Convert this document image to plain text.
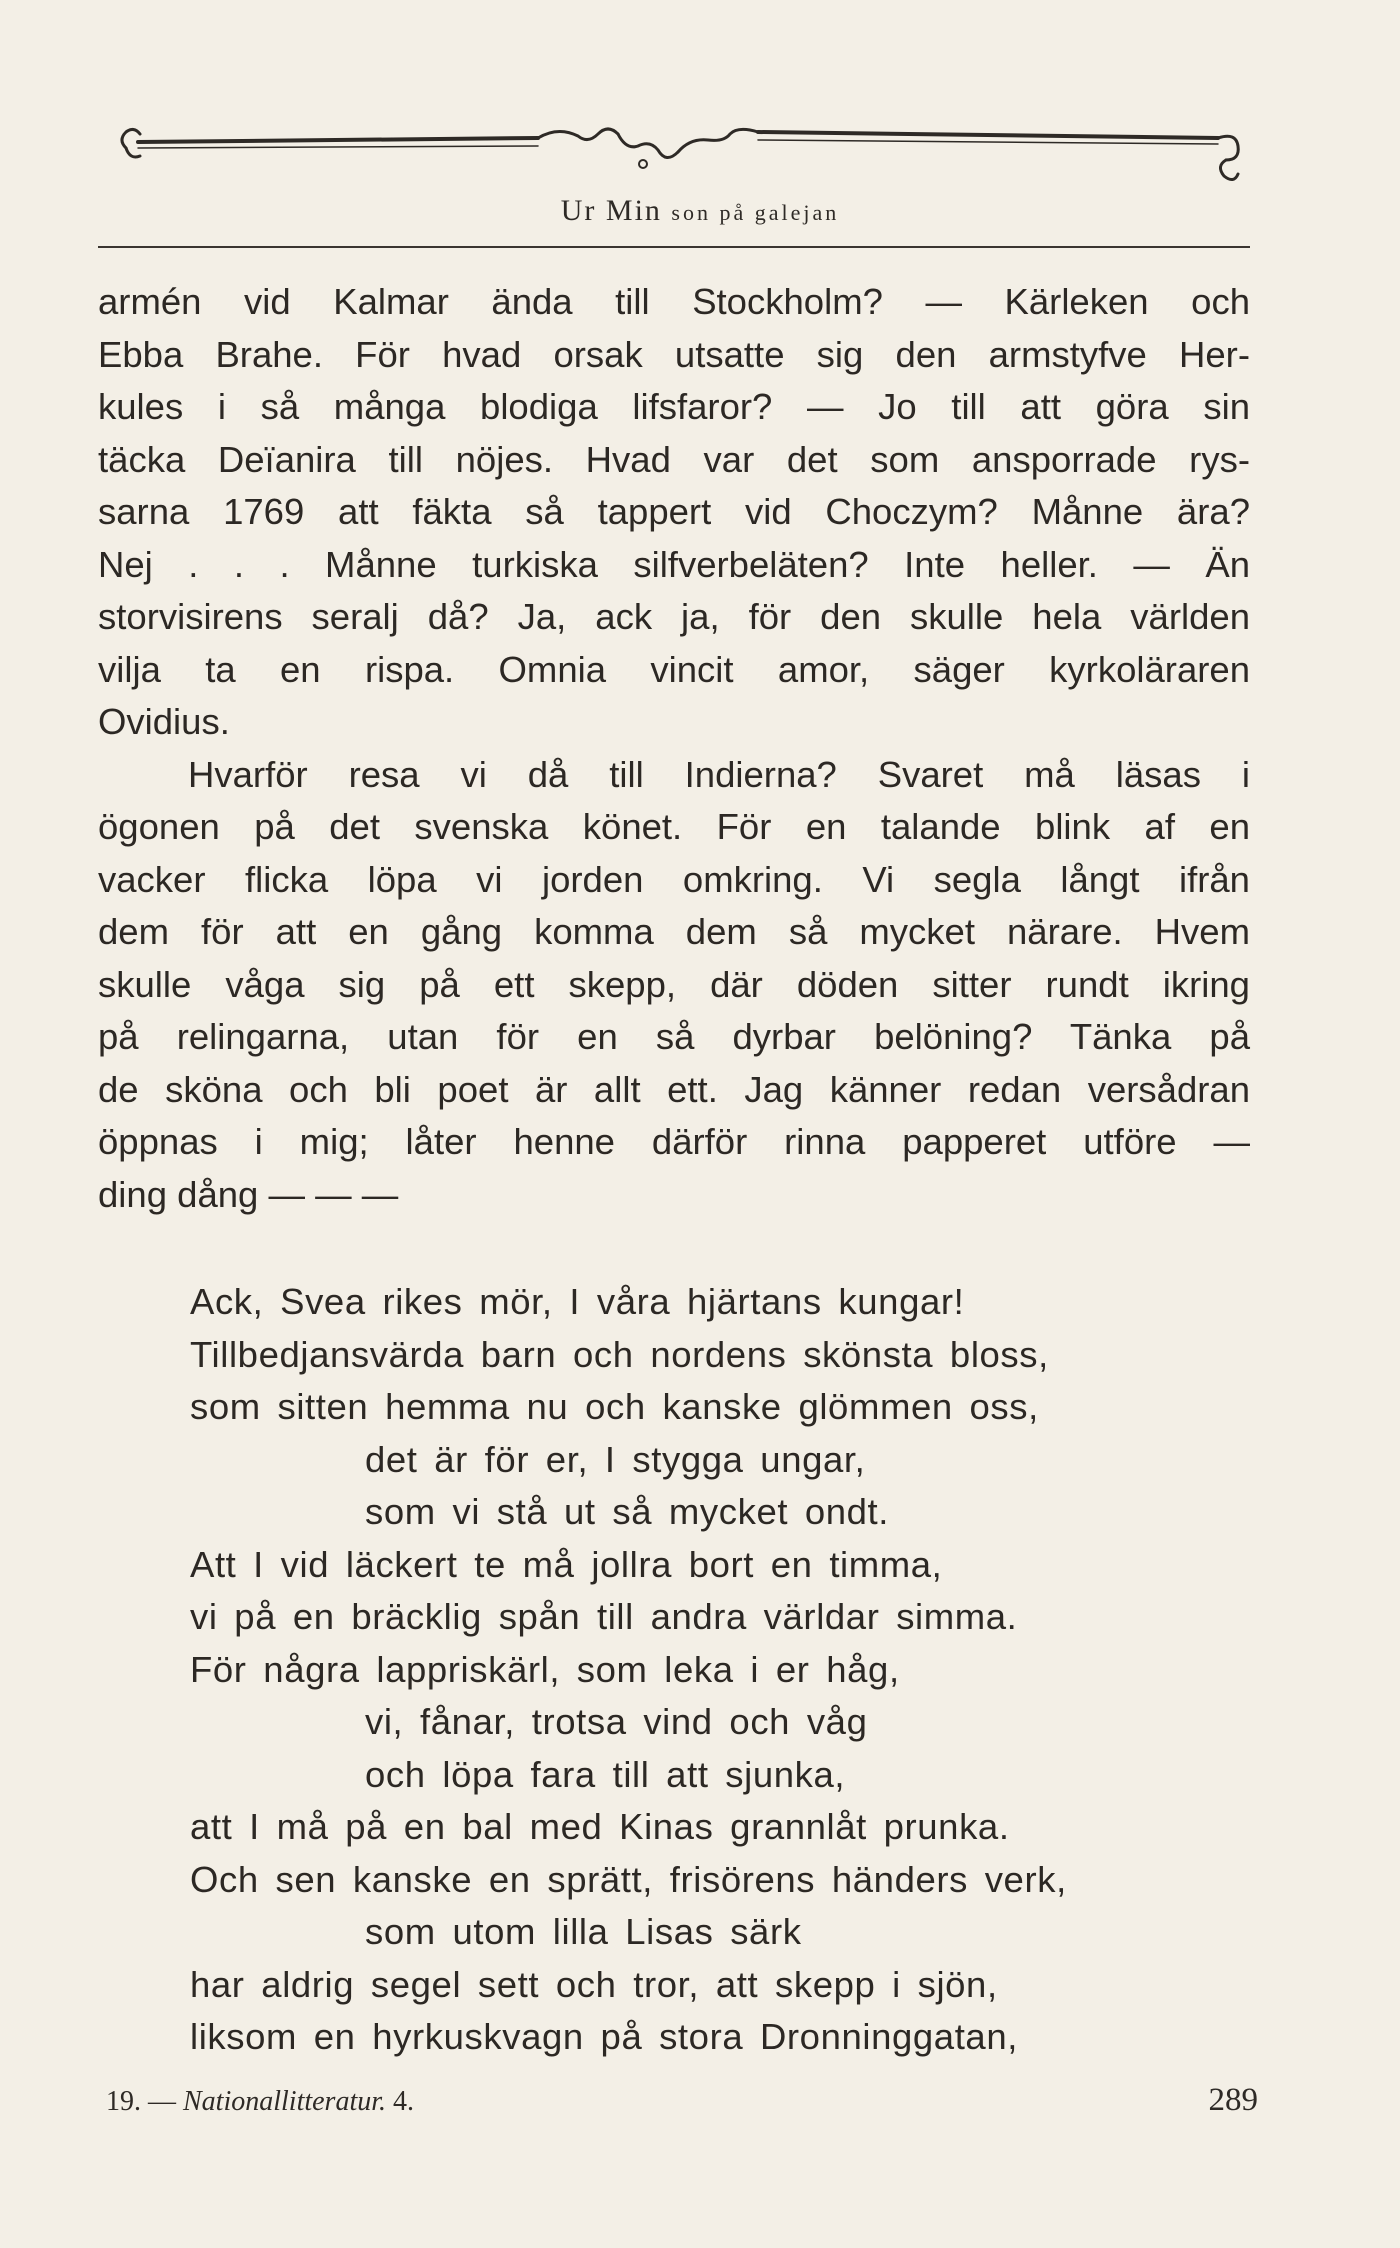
Ur Min son på galejan
armén vid Kalmar ända till Stockholm? — Kärleken och
Ebba Brahe. För hvad orsak utsatte sig den armstyfve Her-
kules i så många blodiga lifsfaror? — Jo till att göra sin
täcka Deïanira till nöjes. Hvad var det som ansporrade rys-
sarna 1769 att fäkta så tappert vid Choczym? Månne ära?
Nej . . . Månne turkiska silfverbeläten? Inte heller. — Än
storvisirens seralj då? Ja, ack ja, för den skulle hela världen
vilja ta en rispa. Omnia vincit amor, säger kyrkoläraren
Ovidius.
Hvarför resa vi då till Indierna? Svaret må läsas i
ögonen på det svenska könet. För en talande blink af en
vacker flicka löpa vi jorden omkring. Vi segla långt ifrån
dem för att en gång komma dem så mycket närare. Hvem
skulle våga sig på ett skepp, där döden sitter rundt ikring
på relingarna, utan för en så dyrbar belöning? Tänka på
de sköna och bli poet är allt ett. Jag känner redan versådran
öppnas i mig; låter henne därför rinna papperet utföre —
ding dång — — —
Ack, Svea rikes mör, I våra hjärtans kungar!
Tillbedjansvärda barn och nordens skönsta bloss,
som sitten hemma nu och kanske glömmen oss,
det är för er, I stygga ungar,
som vi stå ut så mycket ondt.
Att I vid läckert te må jollra bort en timma,
vi på en bräcklig spån till andra världar simma.
För några lappriskärl, som leka i er håg,
vi, fånar, trotsa vind och våg
och löpa fara till att sjunka,
att I må på en bal med Kinas grannlåt prunka.
Och sen kanske en sprätt, frisörens händers verk,
som utom lilla Lisas särk
har aldrig segel sett och tror, att skepp i sjön,
liksom en hyrkuskvagn på stora Dronninggatan,
19. — Nationallitteratur. 4.	289
